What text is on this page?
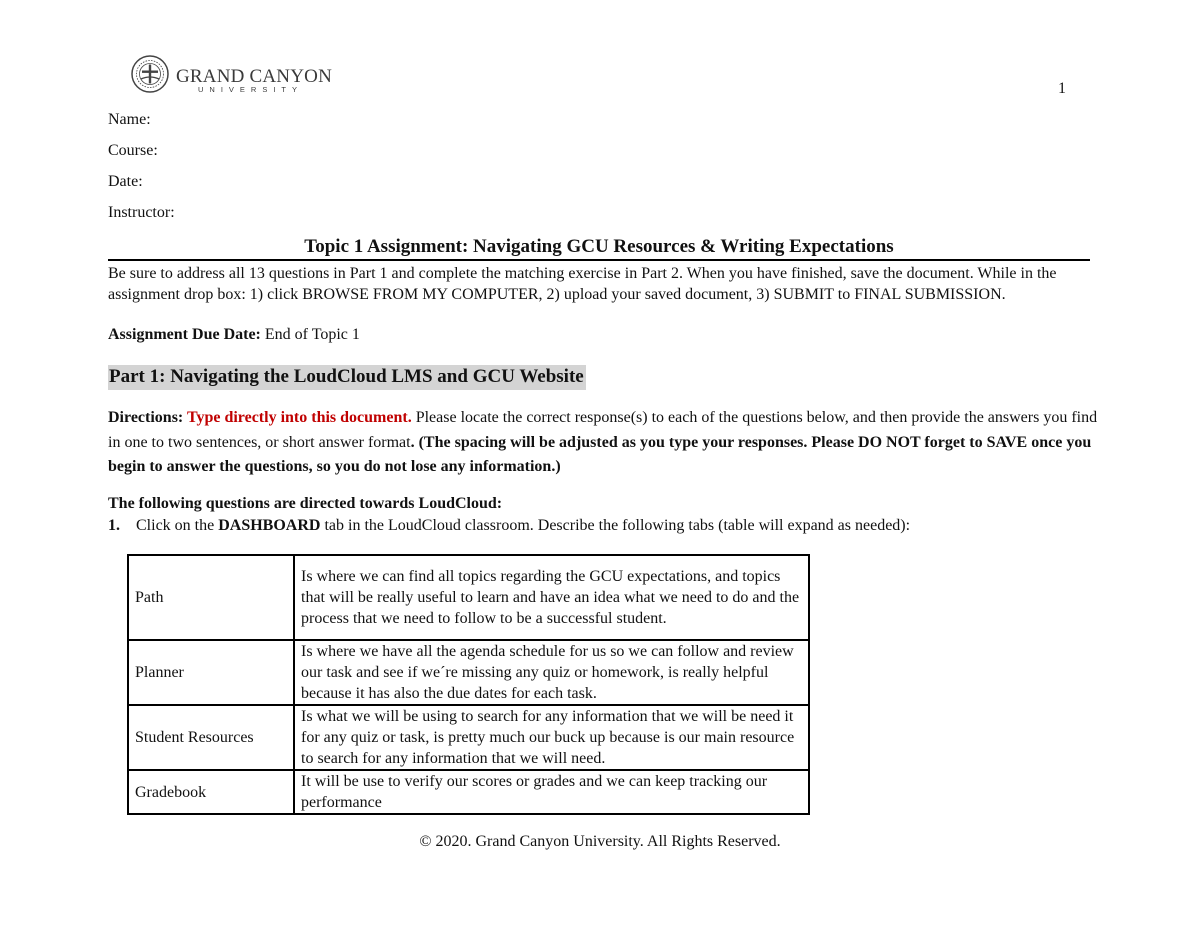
GRAND CANYON
UNIVERSITY	1
Name:
Course:
Date:
Instructor:
Topic 1 Assignment: Navigating GCU Resources & Writing Expectations
Be sure to address all 13 questions in Part 1 and complete the matching exercise in Part 2. When you have finished, save the document. While in the assignment drop box: 1) click BROWSE FROM MY COMPUTER, 2) upload your saved document, 3) SUBMIT to FINAL SUBMISSION.
Assignment Due Date: End of Topic 1
Part 1: Navigating the LoudCloud LMS and GCU Website
Directions: Type directly into this document. Please locate the correct response(s) to each of the questions below, and then provide the answers you find in one to two sentences, or short answer format. (The spacing will be adjusted as you type your responses. Please DO NOT forget to SAVE once you begin to answer the questions, so you do not lose any information.)
The following questions are directed towards LoudCloud:
1. Click on the DASHBOARD tab in the LoudCloud classroom. Describe the following tabs (table will expand as needed):
Path	Is where we can find all topics regarding the GCU expectations, and topics that will be really useful to learn and have an idea what we need to do and the process that we need to follow to be a successful student.
Planner	Is where we have all the agenda schedule for us so we can follow and review our task and see if we´re missing any quiz or homework, is really helpful because it has also the due dates for each task.
Student Resources	Is what we will be using to search for any information that we will be need it for any quiz or task, is pretty much our buck up because is our main resource to search for any information that we will need.
Gradebook	It will be use to verify our scores or grades and we can keep tracking our performance
© 2020. Grand Canyon University. All Rights Reserved.
